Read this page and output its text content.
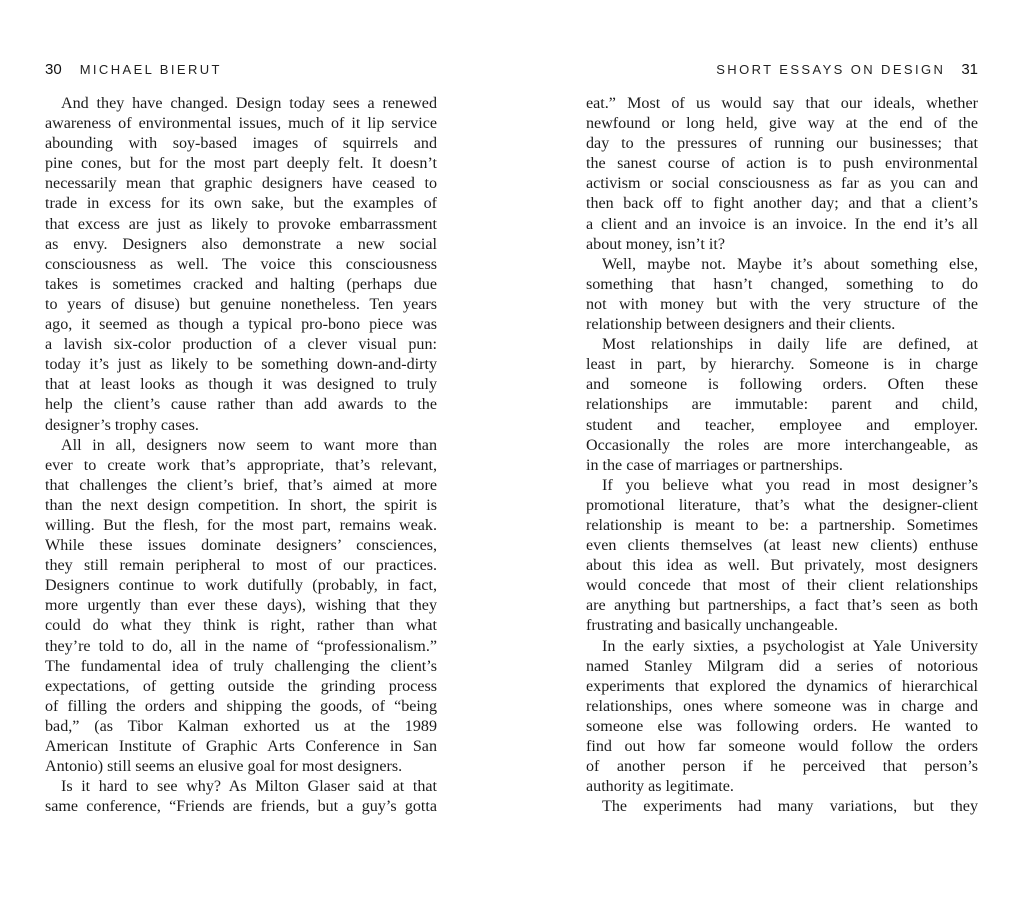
30 MICHAEL BIERUT
And they have changed. Design today sees a renewed
awareness of environmental issues, much of it lip service
abounding with soy-based images of squirrels and
pine cones, but for the most part deeply felt. It doesn’t
necessarily mean that graphic designers have ceased to
trade in excess for its own sake, but the examples of
that excess are just as likely to provoke embarrassment
as envy. Designers also demonstrate a new social
consciousness as well. The voice this consciousness
takes is sometimes cracked and halting (perhaps due
to years of disuse) but genuine nonetheless. Ten years
ago, it seemed as though a typical pro-bono piece was
a lavish six-color production of a clever visual pun:
today it’s just as likely to be something down-and-dirty
that at least looks as though it was designed to truly
help the client’s cause rather than add awards to the
designer’s trophy cases.
All in all, designers now seem to want more than
ever to create work that’s appropriate, that’s relevant,
that challenges the client’s brief, that’s aimed at more
than the next design competition. In short, the spirit is
willing. But the flesh, for the most part, remains weak.
While these issues dominate designers’ consciences,
they still remain peripheral to most of our practices.
Designers continue to work dutifully (probably, in fact,
more urgently than ever these days), wishing that they
could do what they think is right, rather than what
they’re told to do, all in the name of “professionalism.”
The fundamental idea of truly challenging the client’s
expectations, of getting outside the grinding process
of filling the orders and shipping the goods, of “being
bad,” (as Tibor Kalman exhorted us at the 1989
American Institute of Graphic Arts Conference in San
Antonio) still seems an elusive goal for most designers.
Is it hard to see why? As Milton Glaser said at that
same conference, “Friends are friends, but a guy’s gotta
SHORT ESSAYS ON DESIGN 31
eat.” Most of us would say that our ideals, whether
newfound or long held, give way at the end of the
day to the pressures of running our businesses; that
the sanest course of action is to push environmental
activism or social consciousness as far as you can and
then back off to fight another day; and that a client’s
a client and an invoice is an invoice. In the end it’s all
about money, isn’t it?
Well, maybe not. Maybe it’s about something else,
something that hasn’t changed, something to do
not with money but with the very structure of the
relationship between designers and their clients.
Most relationships in daily life are defined, at
least in part, by hierarchy. Someone is in charge
and someone is following orders. Often these
relationships are immutable: parent and child,
student and teacher, employee and employer.
Occasionally the roles are more interchangeable, as
in the case of marriages or partnerships.
If you believe what you read in most designer’s
promotional literature, that’s what the designer-client
relationship is meant to be: a partnership. Sometimes
even clients themselves (at least new clients) enthuse
about this idea as well. But privately, most designers
would concede that most of their client relationships
are anything but partnerships, a fact that’s seen as both
frustrating and basically unchangeable.
In the early sixties, a psychologist at Yale University
named Stanley Milgram did a series of notorious
experiments that explored the dynamics of hierarchical
relationships, ones where someone was in charge and
someone else was following orders. He wanted to
find out how far someone would follow the orders
of another person if he perceived that person’s
authority as legitimate.
The experiments had many variations, but they
